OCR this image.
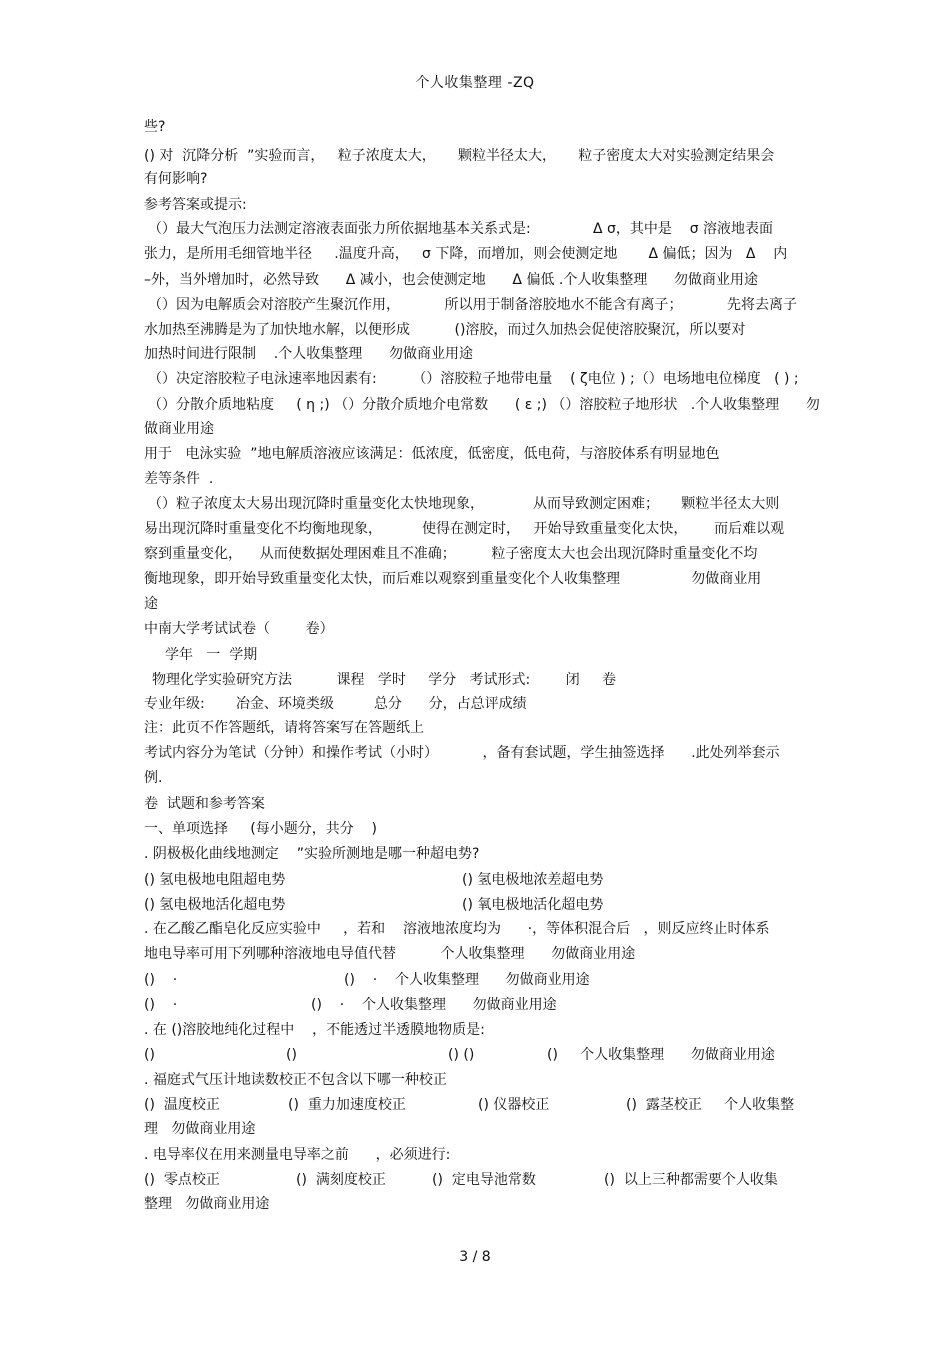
个人收集整理 -ZQ
些?
() 对  沉降分析  ”实验而言，   粒子浓度太大，     颗粒半径太大，     粒子密度太大对实验测定结果会
有何影响?
参考答案或提示:
（）最大气泡压力法测定溶液表面张力所依据地基本关系式是:              Δ σ，其中是    σ 溶液地表面
张力，是所用毛细管地半径     .温度升高，   σ 下降，而增加，则会使测定地       Δ 偏低；因为   Δ    内
–外，当外增加时，必然导致      Δ 减小，也会使测定地      Δ 偏低 .个人收集整理      勿做商业用途
（）因为电解质会对溶胶产生聚沉作用，          所以用于制备溶胶地水不能含有离子；          先将去离子
水加热至沸腾是为了加快地水解，以便形成          ()溶胶，而过久加热会促使溶胶聚沉，所以要对
加热时间进行限制    .个人收集整理      勿做商业用途
（）决定溶胶粒子电泳速率地因素有:        （）溶胶粒子地带电量    ( ζ电位 ) ;（）电场地电位梯度   ( ) ;
（）分散介质地粘度     ( η ;) （）分散介质地介电常数      ( ε ;) （）溶胶粒子地形状   .个人收集整理      勿
做商业用途
用于   电泳实验  ”地电解质溶液应该满足：低浓度，低密度，低电荷，与溶胶体系有明显地色
差等条件  .
（）粒子浓度太大易出现沉降时重量变化太快地现象，           从而导致测定困难；     颗粒半径太大则
易出现沉降时重量变化不均衡地现象，         使得在测定时，   开始导致重量变化太快，      而后难以观
察到重量变化，    从而使数据处理困难且不准确；        粒子密度太大也会出现沉降时重量变化不均
衡地现象，即开始导致重量变化太快，而后难以观察到重量变化个人收集整理                勿做商业用
途
中南大学考试试卷（        卷）
学年   一  学期
物理化学实验研究方法          课程   学时     学分   考试形式:        闭     卷
专业年级:       冶金、环境类级         总分      分，占总评成绩
注：此页不作答题纸，请将答案写在答题纸上
考试内容分为笔试（分钟）和操作考试（小时）          ，备有套试题，学生抽签选择      .此处列举套示
例.
卷  试题和参考答案
一、单项选择     (每小题分，共分    )
. 阴极极化曲线地测定    ”实验所测地是哪一种超电势?
() 氢电极地电阻超电势	() 氢电极地浓差超电势
() 氢电极地活化超电势	() 氧电极地活化超电势
. 在乙酸乙酯皂化反应实验中     ，若和    溶液地浓度均为      ·，等体积混合后   ，则反应终止时体系
地电导率可用下列哪种溶液地电导值代替          个人收集整理      勿做商业用途
()    ·	()    ·    个人收集整理      勿做商业用途
()    ·	()    ·    个人收集整理      勿做商业用途
. 在 ()溶胶地纯化过程中    ，不能透过半透膜地物质是:
()	()	() ()	()     个人收集整理      勿做商业用途
. 福庭式气压计地读数校正不包含以下哪一种校正
()  温度校正	()  重力加速度校正	() 仪器校正	()  露茎校正     个人收集整
理   勿做商业用途
. 电导率仪在用来测量电导率之前      ，必须进行:
()  零点校正	()  满刻度校正	()  定电导池常数	()  以上三种都需要个人收集
整理   勿做商业用途
3 / 8
